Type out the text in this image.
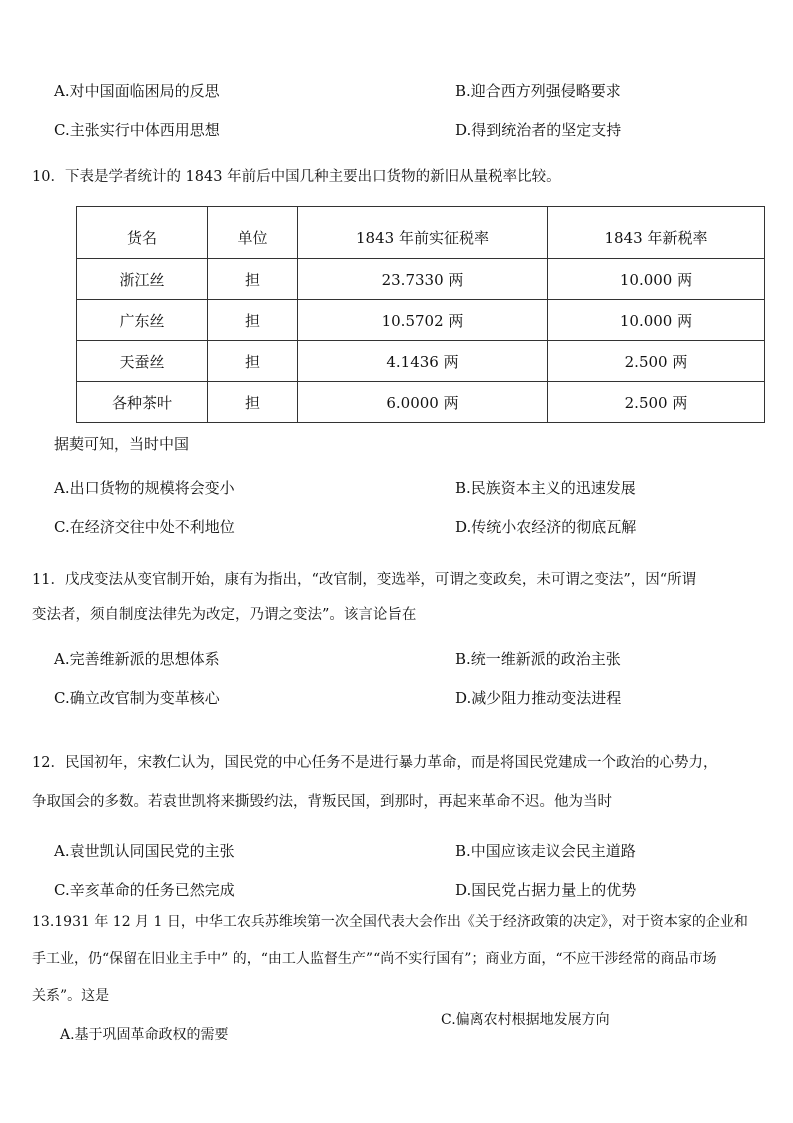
A.对中国面临困局的反思	B.迎合西方列强侵略要求
C.主张实行中体西用思想	D.得到统治者的坚定支持
10．下表是学者统计的 1843 年前后中国几种主要出口货物的新旧从量税率比较。
货名	单位	1843 年前实征税率	1843 年新税率
浙江丝	担	23.7330 两	10.000 两
广东丝	担	10.5702 两	10.000 两
天蚕丝	担	4.1436 两	2.500 两
各种茶叶	担	6.0000 两	2.500 两
据葜可知，当时中国
A.出口货物的规模将会变小	B.民族资本主义的迅速发展
C.在经济交往中处不利地位	D.传统小农经济的彻底瓦解
11．戊戌变法从变官制开始，康有为指出，“改官制，变选举，可谓之变政矣，未可谓之变法”，因“所谓
变法者，须自制度法律先为改定，乃谓之变法”。该言论旨在
A.完善维新派的思想体系	B.统一维新派的政治主张
C.确立改官制为变革核心	D.减少阻力推动变法进程
12．民国初年，宋教仁认为，国民党的中心任务不是进行暴力革命，而是将国民党建成一个政治的心势力，
争取国会的多数。若袁世凯将来撕毁约法，背叛民国，到那时，再起来革命不迟。他为当时
A.袁世凯认同国民党的主张	B.中国应该走议会民主道路
C.辛亥革命的任务已然完成	D.国民党占据力量上的优势
13.1931 年 12 月 1 日，中华工农兵苏维埃第一次全国代表大会作出《关于经济政策的决定》，对于资本家的企业和
手工业，仍“保留在旧业主手中” 的，“由工人监督生产”“尚不实行国有”；商业方面，“不应干涉经常的商品市场
关系”。这是
C.偏离农村根据地发展方向
A.基于巩固革命政权的需要
